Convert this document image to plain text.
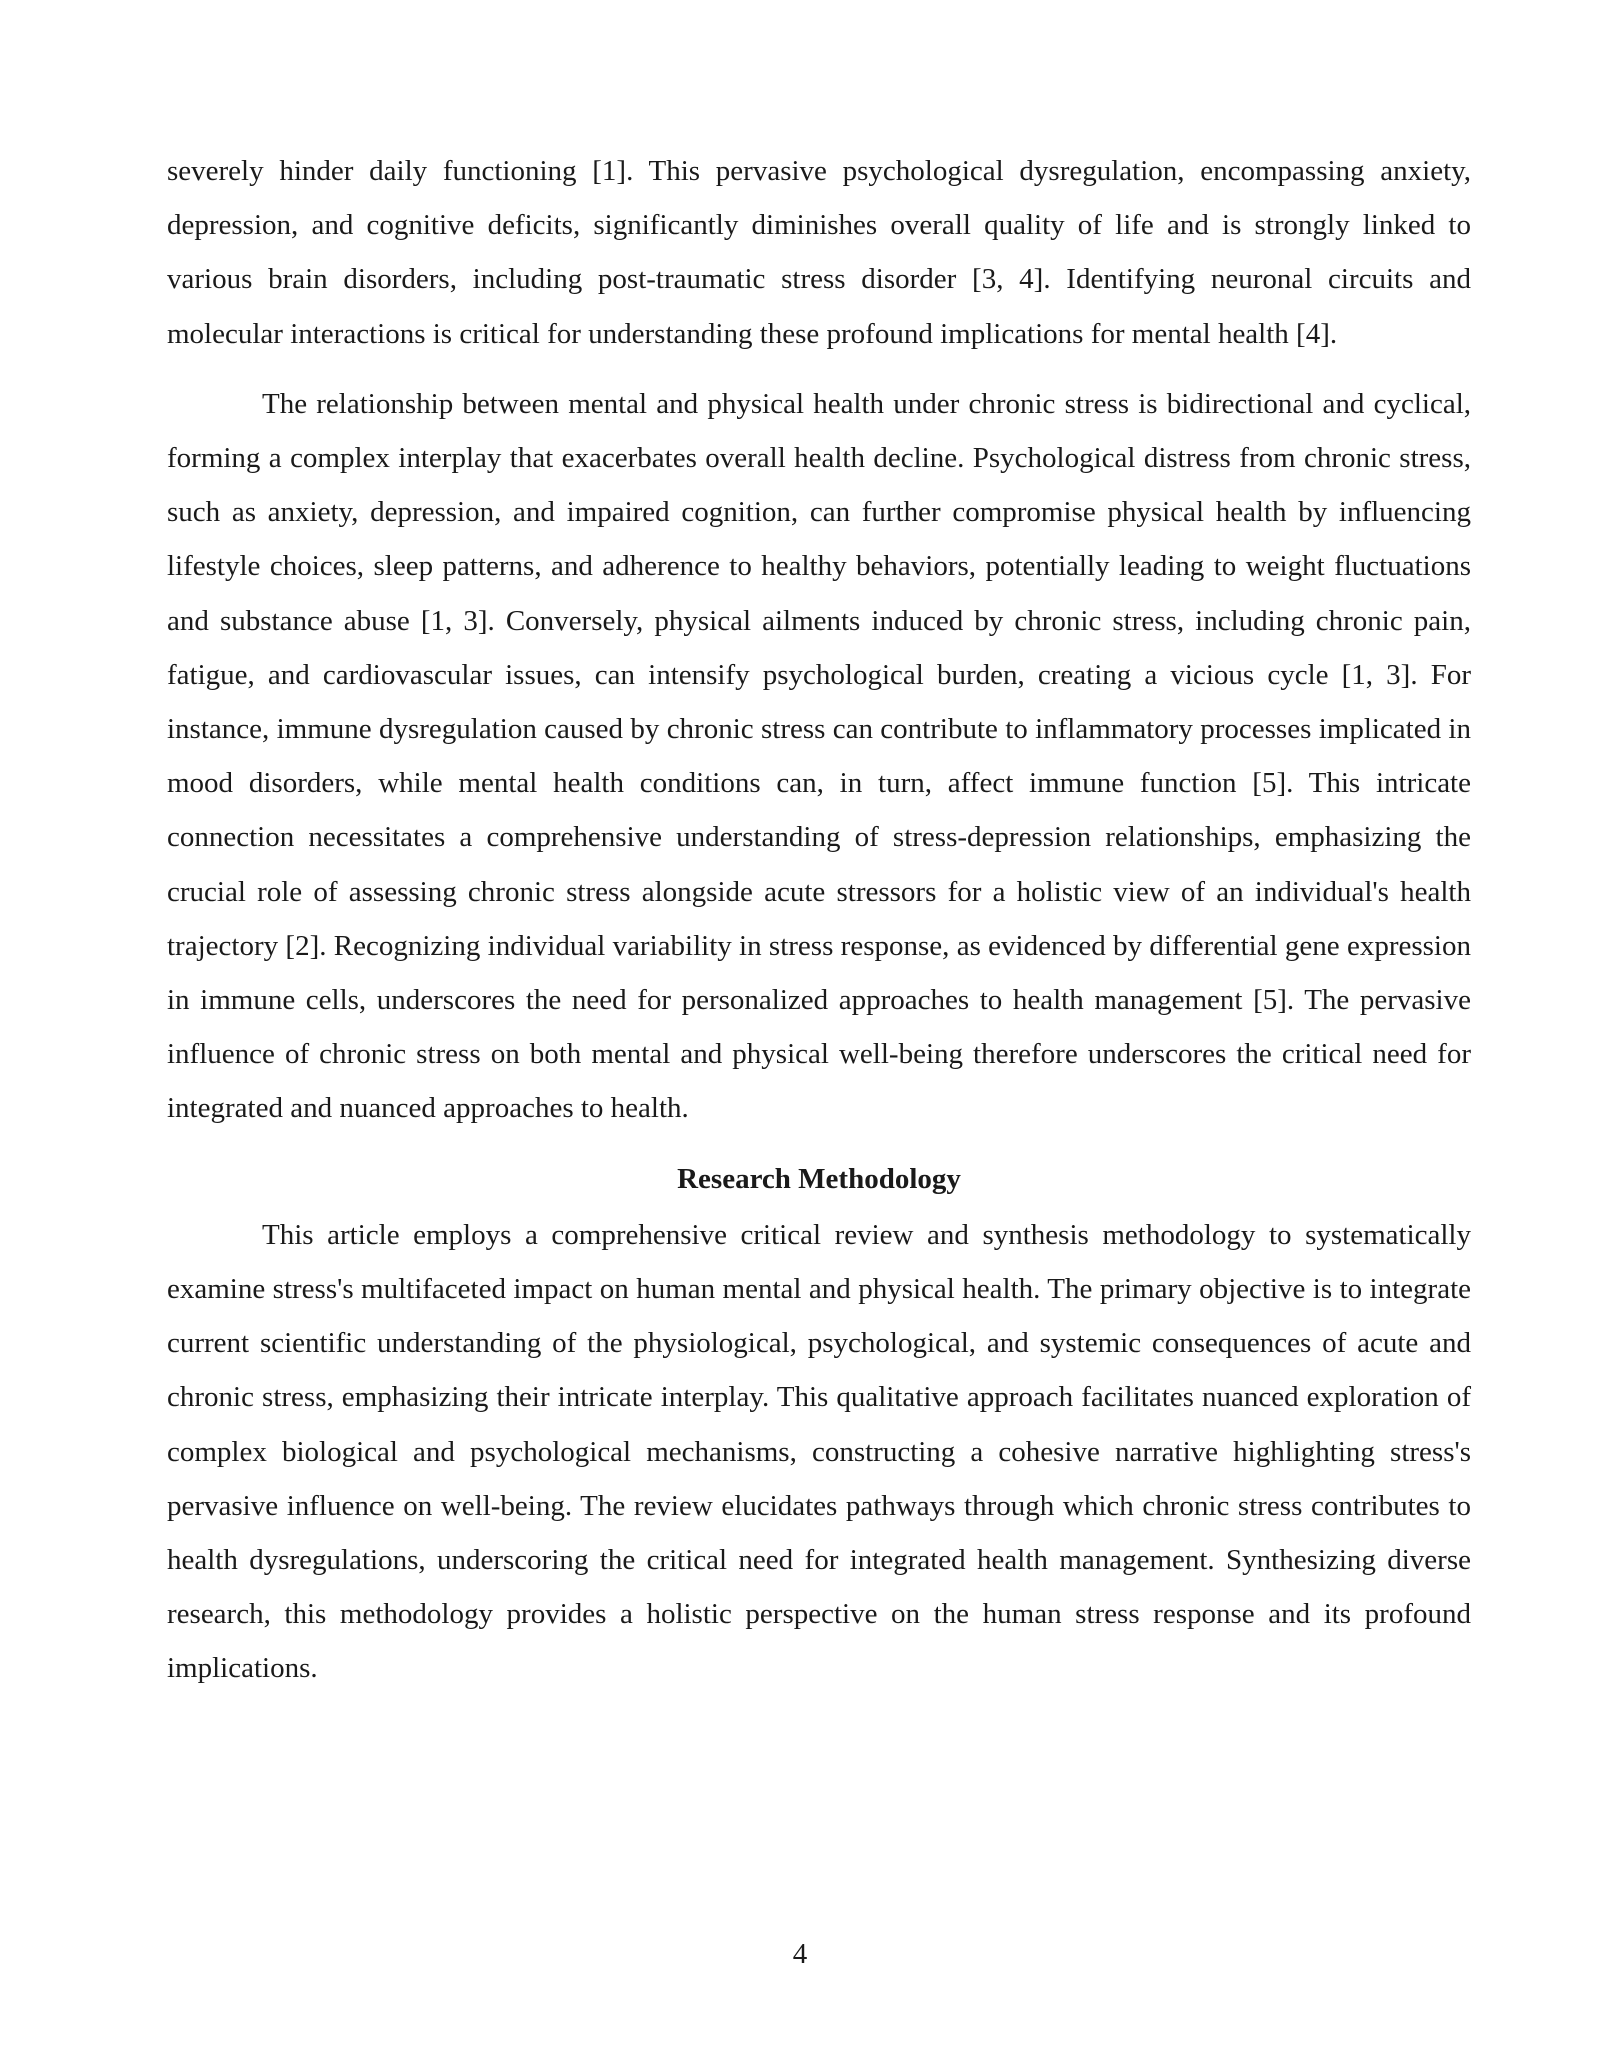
severely hinder daily functioning [1]. This pervasive psychological dysregulation, encompassing anxiety, depression, and cognitive deficits, significantly diminishes overall quality of life and is strongly linked to various brain disorders, including post-traumatic stress disorder [3, 4]. Identifying neuronal circuits and molecular interactions is critical for understanding these profound implications for mental health [4].

The relationship between mental and physical health under chronic stress is bidirectional and cyclical, forming a complex interplay that exacerbates overall health decline. Psychological distress from chronic stress, such as anxiety, depression, and impaired cognition, can further compromise physical health by influencing lifestyle choices, sleep patterns, and adherence to healthy behaviors, potentially leading to weight fluctuations and substance abuse [1, 3]. Conversely, physical ailments induced by chronic stress, including chronic pain, fatigue, and cardiovascular issues, can intensify psychological burden, creating a vicious cycle [1, 3]. For instance, immune dysregulation caused by chronic stress can contribute to inflammatory processes implicated in mood disorders, while mental health conditions can, in turn, affect immune function [5]. This intricate connection necessitates a comprehensive understanding of stress-depression relationships, emphasizing the crucial role of assessing chronic stress alongside acute stressors for a holistic view of an individual's health trajectory [2]. Recognizing individual variability in stress response, as evidenced by differential gene expression in immune cells, underscores the need for personalized approaches to health management [5]. The pervasive influence of chronic stress on both mental and physical well-being therefore underscores the critical need for integrated and nuanced approaches to health.

Research Methodology

This article employs a comprehensive critical review and synthesis methodology to systematically examine stress's multifaceted impact on human mental and physical health. The primary objective is to integrate current scientific understanding of the physiological, psychological, and systemic consequences of acute and chronic stress, emphasizing their intricate interplay. This qualitative approach facilitates nuanced exploration of complex biological and psychological mechanisms, constructing a cohesive narrative highlighting stress's pervasive influence on well-being. The review elucidates pathways through which chronic stress contributes to health dysregulations, underscoring the critical need for integrated health management. Synthesizing diverse research, this methodology provides a holistic perspective on the human stress response and its profound implications.

4
